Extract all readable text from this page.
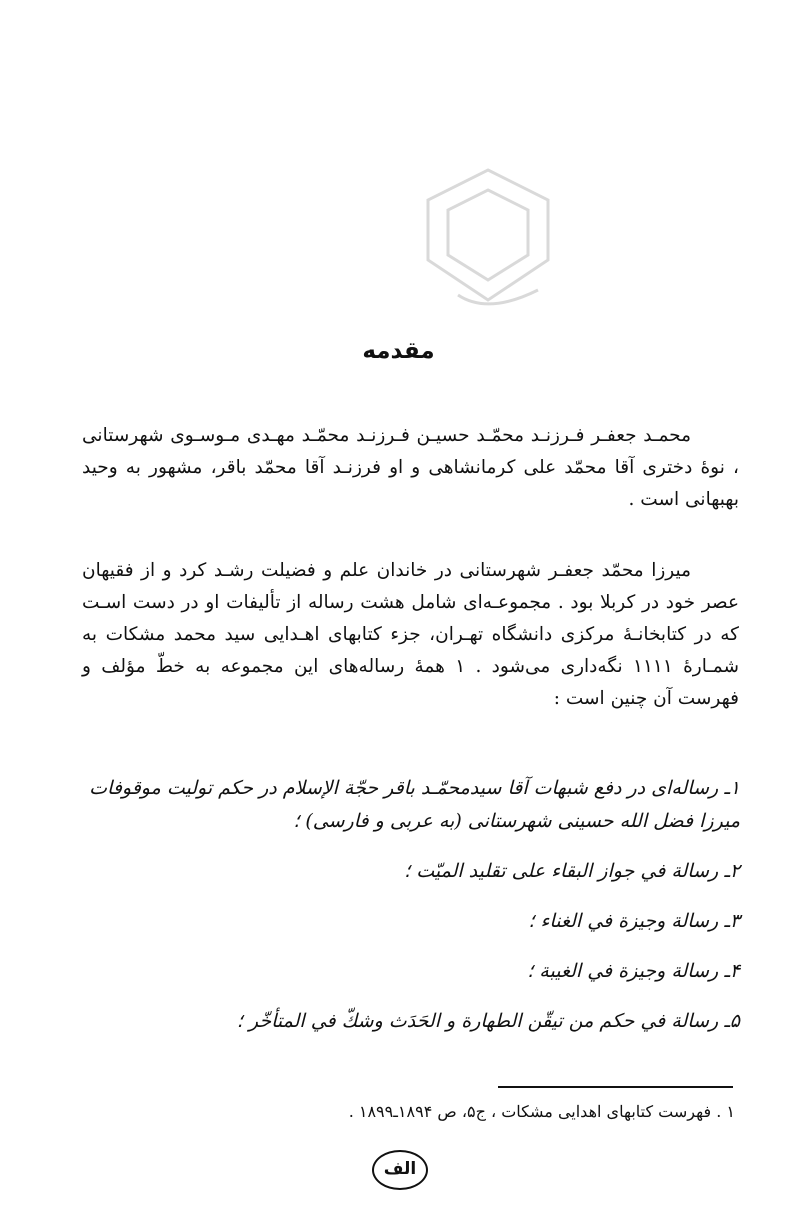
مقدمه

محمـد جعفـر فـرزنـد محمّـد حسيـن فـرزنـد محمّـد مهـدی مـوسـوی شهرستانی ، نوهٔ دختری آقا محمّد علی کرمانشاهی و او فرزنـد آقا محمّد باقر، مشهور به وحید بهبهانی است .

میرزا محمّد جعفـر شهرستانی در خاندان علم و فضیلت رشـد کرد و از فقیهان عصر خود در کربلا بود . مجموعـه‌ای شامل هشت رساله از تألیفات او در دست اسـت که در کتابخانـهٔ مرکزی دانشگاه تهـران، جزء کتابهای اهـدایی سید محمد مشکات به شمـارهٔ ۱۱۱۱ نگه‌داری می‌شود . ۱ همهٔ رساله‌های این مجموعه به خطّ مؤلف و فهرست آن چنین است :

۱ـ رساله‌ای در دفع شبهات آقا سیدمحمّـد باقر حجّة الإسلام در حکم تولیت موقوفات میرزا فضل الله حسینی شهرستانی (به عربی و فارسی) ؛

۲ـ رسالة في جواز البقاء على تقليد الميّت ؛

۳ـ رسالة وجيزة في الغناء ؛

۴ـ رسالة وجيزة في الغيبة ؛

۵ـ رسالة في حكم من تيقّن الطهارة و الحَدَث وشكّ في المتأخّر ؛

۱ . فهرست کتابهای اهدایی مشکات ، ج۵، ص ۱۸۹۴ـ۱۸۹۹ .
الف
